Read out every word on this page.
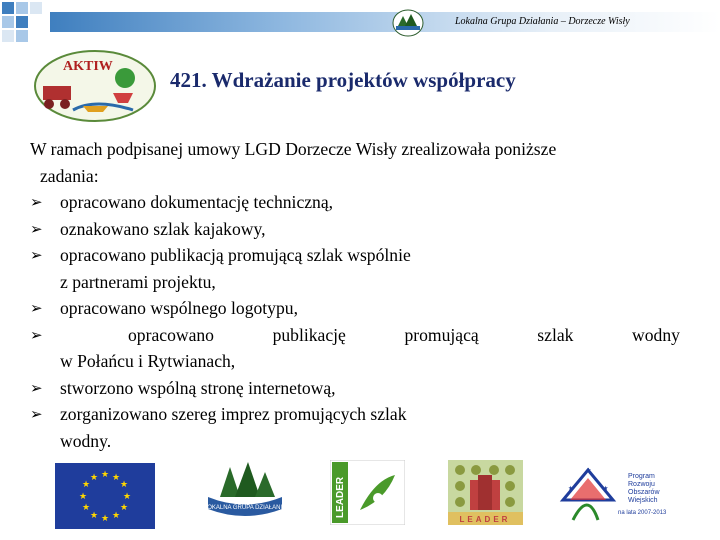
Lokalna Grupa Działania – Dorzecze Wisły
AKTIW
421. Wdrażanie projektów współpracy
W ramach podpisanej umowy LGD Dorzecze Wisły zrealizowała poniższe
zadania:
➢ opracowano dokumentację techniczną,
➢ oznakowano szlak kajakowy,
➢ opracowano publikacją promującą szlak wspólnie
z partnerami projektu,
➢ opracowano wspólnego logotypu,
➢	opracowano	publikację	promującą	szlak	wodny
w Połańcu i Rytwianach,
➢ stworzono wspólną stronę internetową,
➢ zorganizowano szereg imprez promujących szlak
wodny.
★ ★
★
★
★
★
★
★
★
★
★
★
LOKALNA GRUPA DZIAŁANIA	LEADER
LEADER
★	★
★
Program
Rozwoju
Obszarów
Wiejskich
na lata 2007-2013
